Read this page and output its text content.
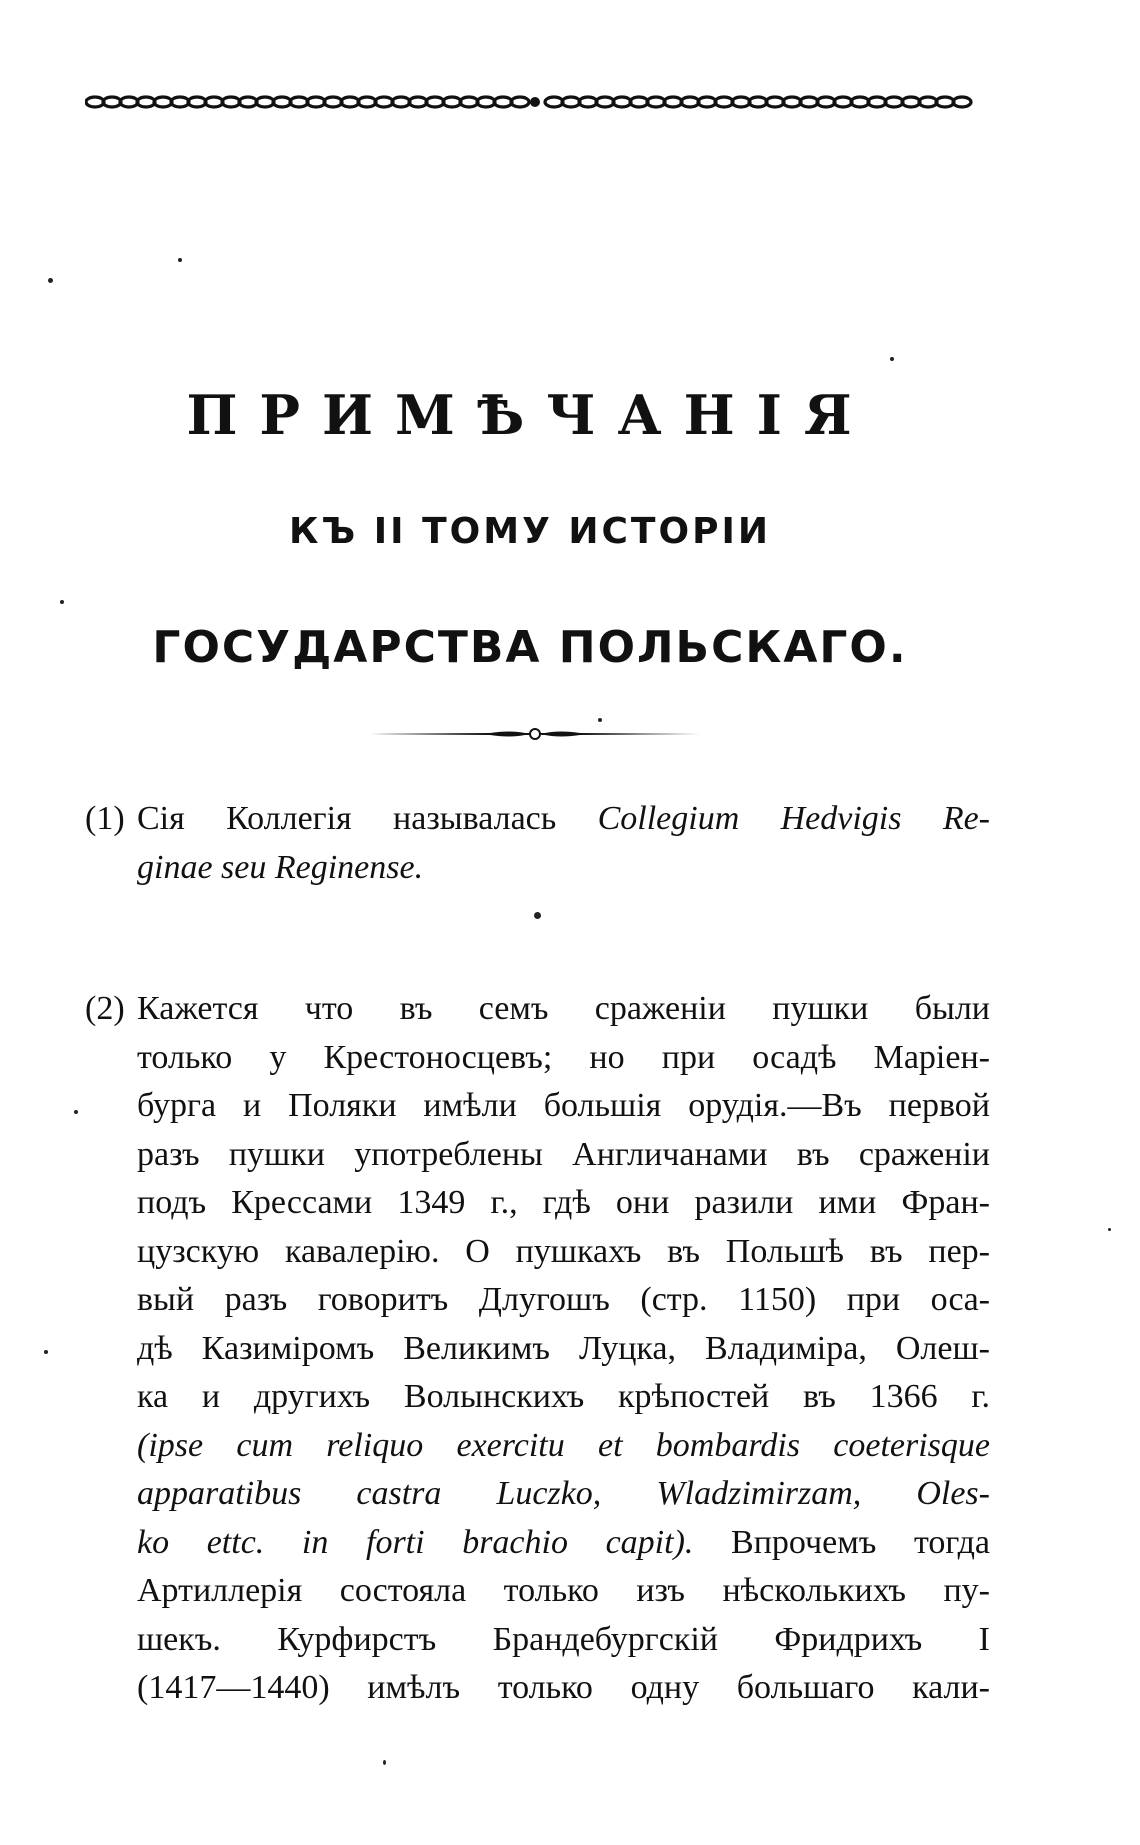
ПРИМѢЧАНІЯ
КЪ II ТОМУ ИСТОРІИ
ГОСУДАРСТВА ПОЛЬСКАГО.
(1) Сія Коллегія называлась Collegium Hedvigis Re-
ginae seu Reginense.
(2) Кажется что въ семъ сраженіи пушки были
только у Крестоносцевъ; но при осадѣ Маріен-
бурга и Поляки имѣли большія орудія.—Въ первой
разъ пушки употреблены Англичанами въ сраженіи
подъ Крессами 1349 г., гдѣ они разили ими Фран-
цузскую кавалерію. О пушкахъ въ Польшѣ въ пер-
вый разъ говоритъ Длугошъ (стр. 1150) при осa-
дѣ Казиміромъ Великимъ Луцка, Владиміра, Олеш-
ка и другихъ Волынскихъ крѣпостей въ 1366 г.
(ipse cum reliquo exercitu et bombardis coeterisque
apparatibus castra Luczko, Wladzimirzam, Oles-
ko ettc. in forti brachio capit). Впрочемъ тогда
Артиллерія состояла только изъ нѣсколькихъ пу-
шекъ. Курфирстъ Брандебургскій Фридрихъ I
(1417—1440) имѣлъ только одну большаго кали-
